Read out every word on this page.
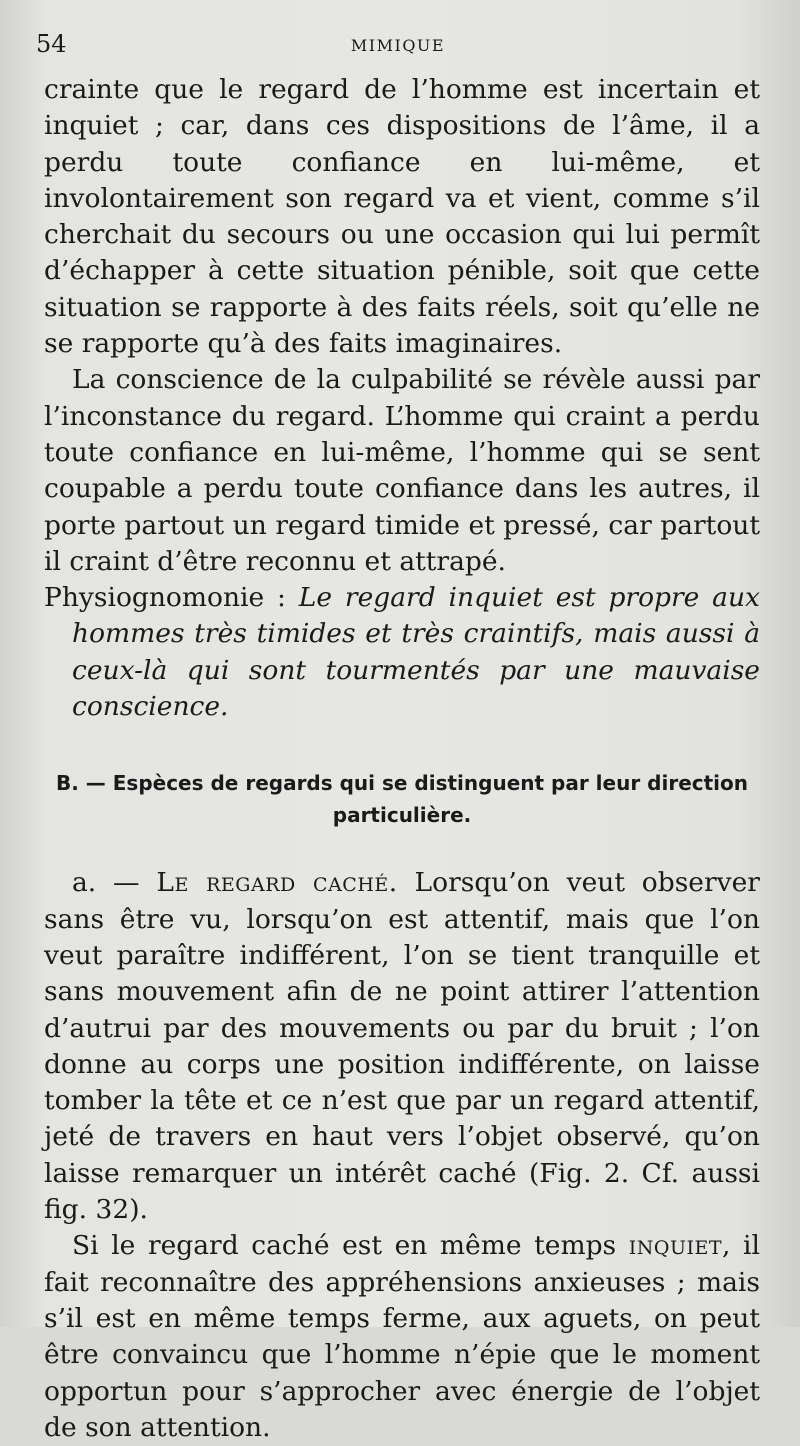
54	MIMIQUE

crainte que le regard de l’homme est incertain et inquiet ; car, dans ces dispositions de l’âme, il a perdu toute confiance en lui-même, et involontairement son regard va et vient, comme s’il cherchait du secours ou une occasion qui lui permît d’échapper à cette situation pénible, soit que cette situation se rapporte à des faits réels, soit qu’elle ne se rapporte qu’à des faits imaginaires.

La conscience de la culpabilité se révèle aussi par l’inconstance du regard. L’homme qui craint a perdu toute confiance en lui-même, l’homme qui se sent coupable a perdu toute confiance dans les autres, il porte partout un regard timide et pressé, car partout il craint d’être reconnu et attrapé.

Physiognomonie : Le regard inquiet est propre aux hommes très timides et très craintifs, mais aussi à ceux-là qui sont tourmentés par une mauvaise conscience.

B. — Espèces de regards qui se distinguent par leur direction particulière.

a. — Le regard caché. Lorsqu’on veut observer sans être vu, lorsqu’on est attentif, mais que l’on veut paraître indifférent, l’on se tient tranquille et sans mouvement afin de ne point attirer l’attention d’autrui par des mouvements ou par du bruit ; l’on donne au corps une position indifférente, on laisse tomber la tête et ce n’est que par un regard attentif, jeté de travers en haut vers l’objet observé, qu’on laisse remarquer un intérêt caché (Fig. 2. Cf. aussi fig. 32).

Si le regard caché est en même temps inquiet, il fait reconnaître des appréhensions anxieuses ; mais s’il est en même temps ferme, aux aguets, on peut être convaincu que l’homme n’épie que le moment opportun pour s’approcher avec énergie de l’objet de son attention.
